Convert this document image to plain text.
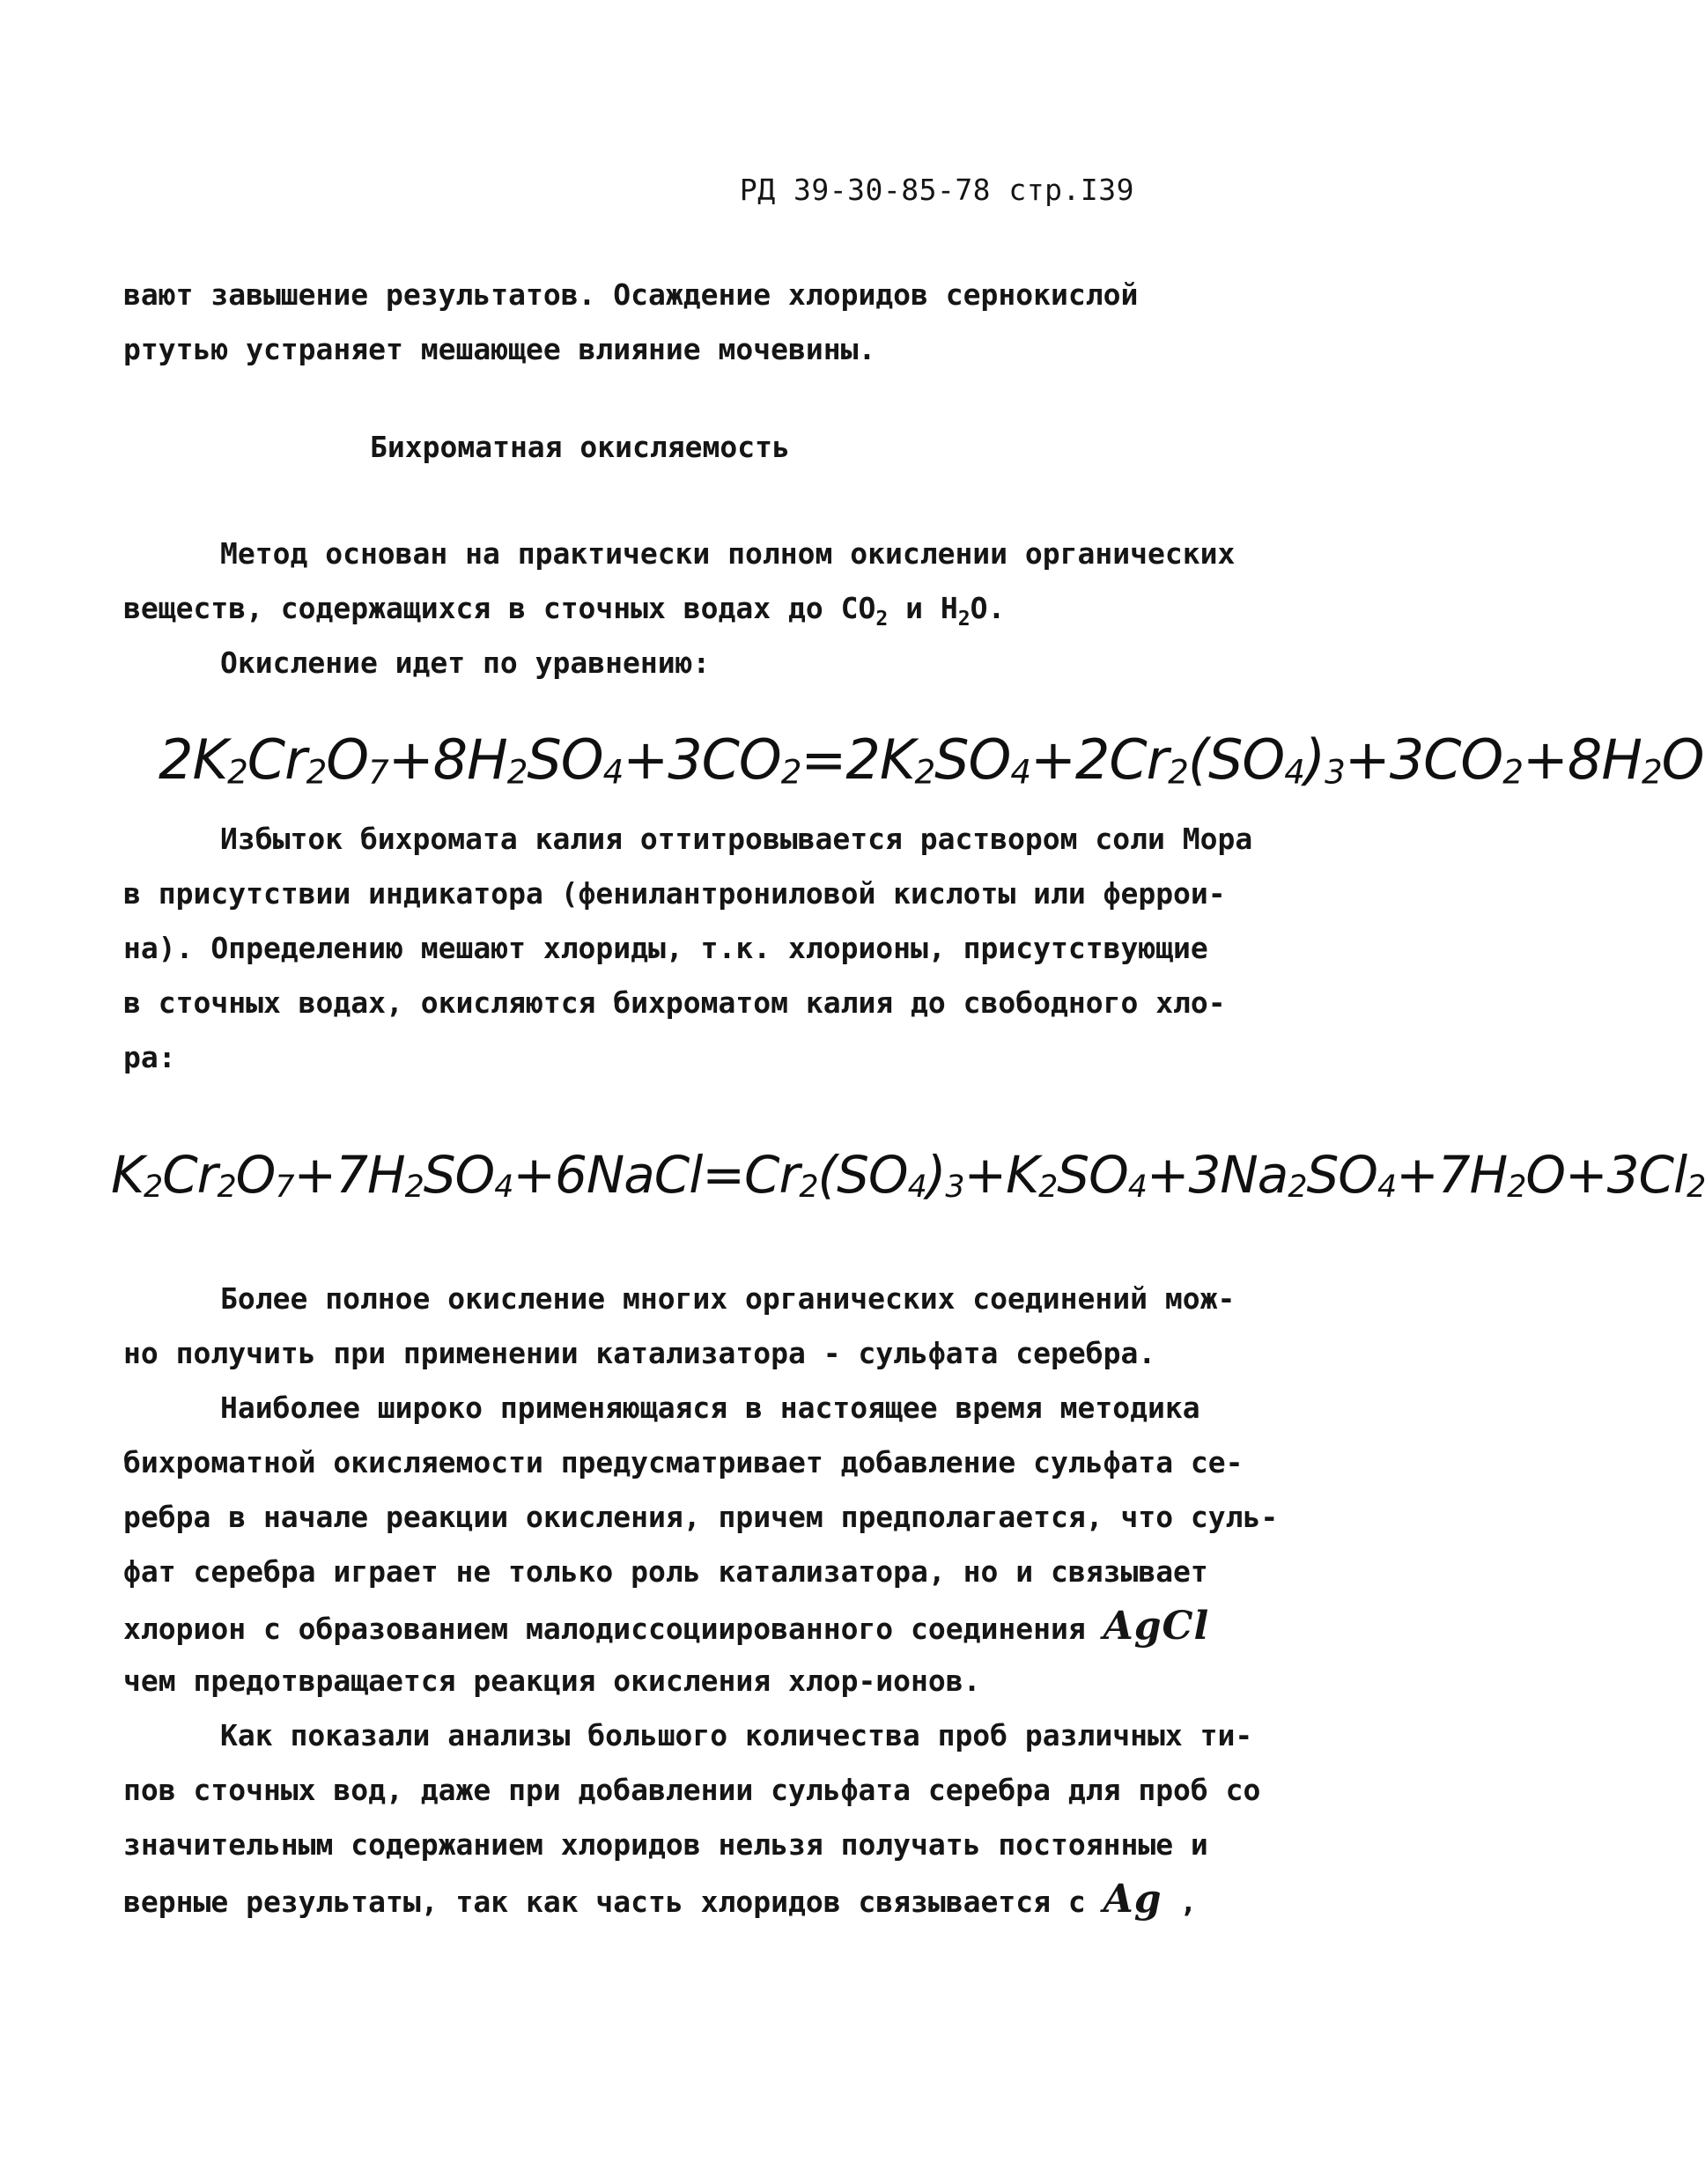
РД 39-30-85-78 стр.I39
вают завышение результатов. Осаждение хлоридов сернокислой
ртутью устраняет мешающее влияние мочевины.
Бихроматная окисляемость
Метод основан на практически полном окислении органических
веществ, содержащихся в сточных водах до $CO_2$ и $H_2O$.
Окисление идет по уравнению:
$2K_2Cr_2O_7+8H_2SO_4+3CO_2=2K_2SO_4+2Cr_2(SO_4)_3+3CO_2+8H_2O$
Избыток бихромата калия оттитровывается раствором соли Мора
в присутствии индикатора (фенилантрониловой кислоты или феррои-
на). Определению мешают хлориды, т.к. хлорионы, присутствующие
в сточных водах, окисляются бихроматом калия до свободного хло-
ра:
$K_2Cr_2O_7+7H_2SO_4+6NaCl=Cr_2(SO_4)_3+K_2SO_4+3Na_2SO_4+7H_2O+3Cl_2$
Более полное окисление многих органических соединений мож-
но получить при применении катализатора - сульфата серебра.
Наиболее широко применяющаяся в настоящее время методика
бихроматной окисляемости предусматривает добавление сульфата се-
ребра в начале реакции окисления, причем предполагается, что суль-
фат серебра играет не только роль катализатора, но и связывает
хлорион с образованием малодиссоциированного соединения AgCl
чем предотвращается реакция окисления хлор-ионов.
Как показали анализы большого количества проб различных ти-
пов сточных вод, даже при добавлении сульфата серебра для проб со
значительным содержанием хлоридов нельзя получать постоянные и
верные результаты, так как часть хлоридов связывается с Ag ,
